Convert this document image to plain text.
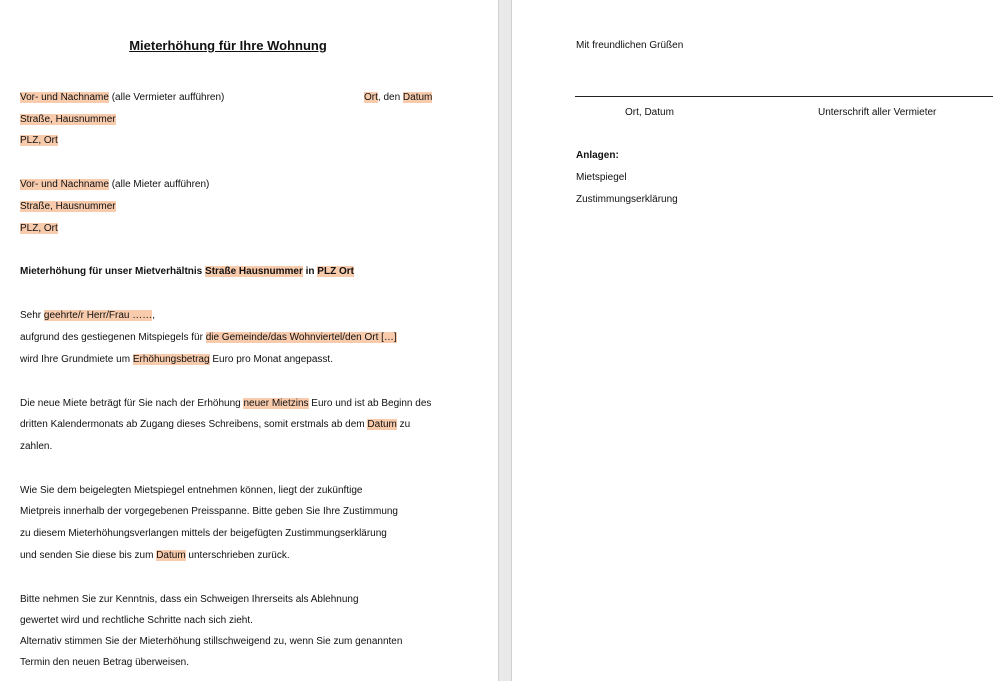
Mieterhöhung für Ihre Wohnung
Vor- und Nachname (alle Vermieter aufführen)	Ort, den Datum
Straße, Hausnummer
PLZ, Ort
Vor- und Nachname (alle Mieter aufführen)
Straße, Hausnummer
PLZ, Ort
Mieterhöhung für unser Mietverhältnis Straße Hausnummer in PLZ Ort
Sehr geehrte/r Herr/Frau ……,
aufgrund des gestiegenen Mitspiegels für die Gemeinde/das Wohnviertel/den Ort […]
wird Ihre Grundmiete um Erhöhungsbetrag Euro pro Monat angepasst.
Die neue Miete beträgt für Sie nach der Erhöhung neuer Mietzins Euro und ist ab Beginn des
dritten Kalendermonats ab Zugang dieses Schreibens, somit erstmals ab dem Datum zu
zahlen.
Wie Sie dem beigelegten Mietspiegel entnehmen können, liegt der zukünftige
Mietpreis innerhalb der vorgegebenen Preisspanne. Bitte geben Sie Ihre Zustimmung
zu diesem Mieterhöhungsverlangen mittels der beigefügten Zustimmungserklärung
und senden Sie diese bis zum Datum unterschrieben zurück.
Bitte nehmen Sie zur Kenntnis, dass ein Schweigen Ihrerseits als Ablehnung
gewertet wird und rechtliche Schritte nach sich zieht.
Alternativ stimmen Sie der Mieterhöhung stillschweigend zu, wenn Sie zum genannten
Termin den neuen Betrag überweisen.
Mit freundlichen Grüßen
Ort, Datum	Unterschrift aller Vermieter
Anlagen:
Mietspiegel
Zustimmungserklärung
